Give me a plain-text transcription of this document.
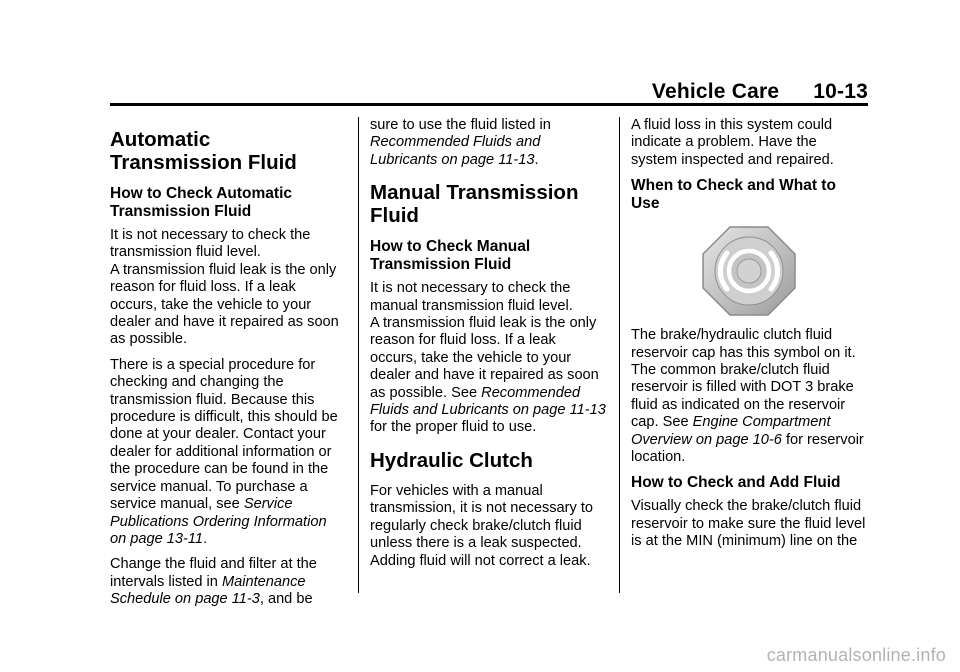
Vehicle Care 10-13
Automatic Transmission Fluid
How to Check Automatic Transmission Fluid

It is not necessary to check the transmission fluid level.

A transmission fluid leak is the only reason for fluid loss. If a leak occurs, take the vehicle to your dealer and have it repaired as soon as possible.

There is a special procedure for checking and changing the transmission fluid. Because this procedure is difficult, this should be done at your dealer. Contact your dealer for additional information or the procedure can be found in the service manual. To purchase a service manual, see Service Publications Ordering Information on page 13-11.

Change the fluid and filter at the intervals listed in Maintenance Schedule on page 11-3, and be

sure to use the fluid listed in Recommended Fluids and Lubricants on page 11-13.

Manual Transmission Fluid
How to Check Manual Transmission Fluid

It is not necessary to check the manual transmission fluid level.

A transmission fluid leak is the only reason for fluid loss. If a leak occurs, take the vehicle to your dealer and have it repaired as soon as possible. See Recommended Fluids and Lubricants on page 11-13 for the proper fluid to use.

Hydraulic Clutch

For vehicles with a manual transmission, it is not necessary to regularly check brake/clutch fluid unless there is a leak suspected. Adding fluid will not correct a leak.

A fluid loss in this system could indicate a problem. Have the system inspected and repaired.

When to Check and What to Use

The brake/hydraulic clutch fluid reservoir cap has this symbol on it. The common brake/clutch fluid reservoir is filled with DOT 3 brake fluid as indicated on the reservoir cap. See Engine Compartment Overview on page 10-6 for reservoir location.

How to Check and Add Fluid

Visually check the brake/clutch fluid reservoir to make sure the fluid level is at the MIN (minimum) line on the

carmanualsonline.info
